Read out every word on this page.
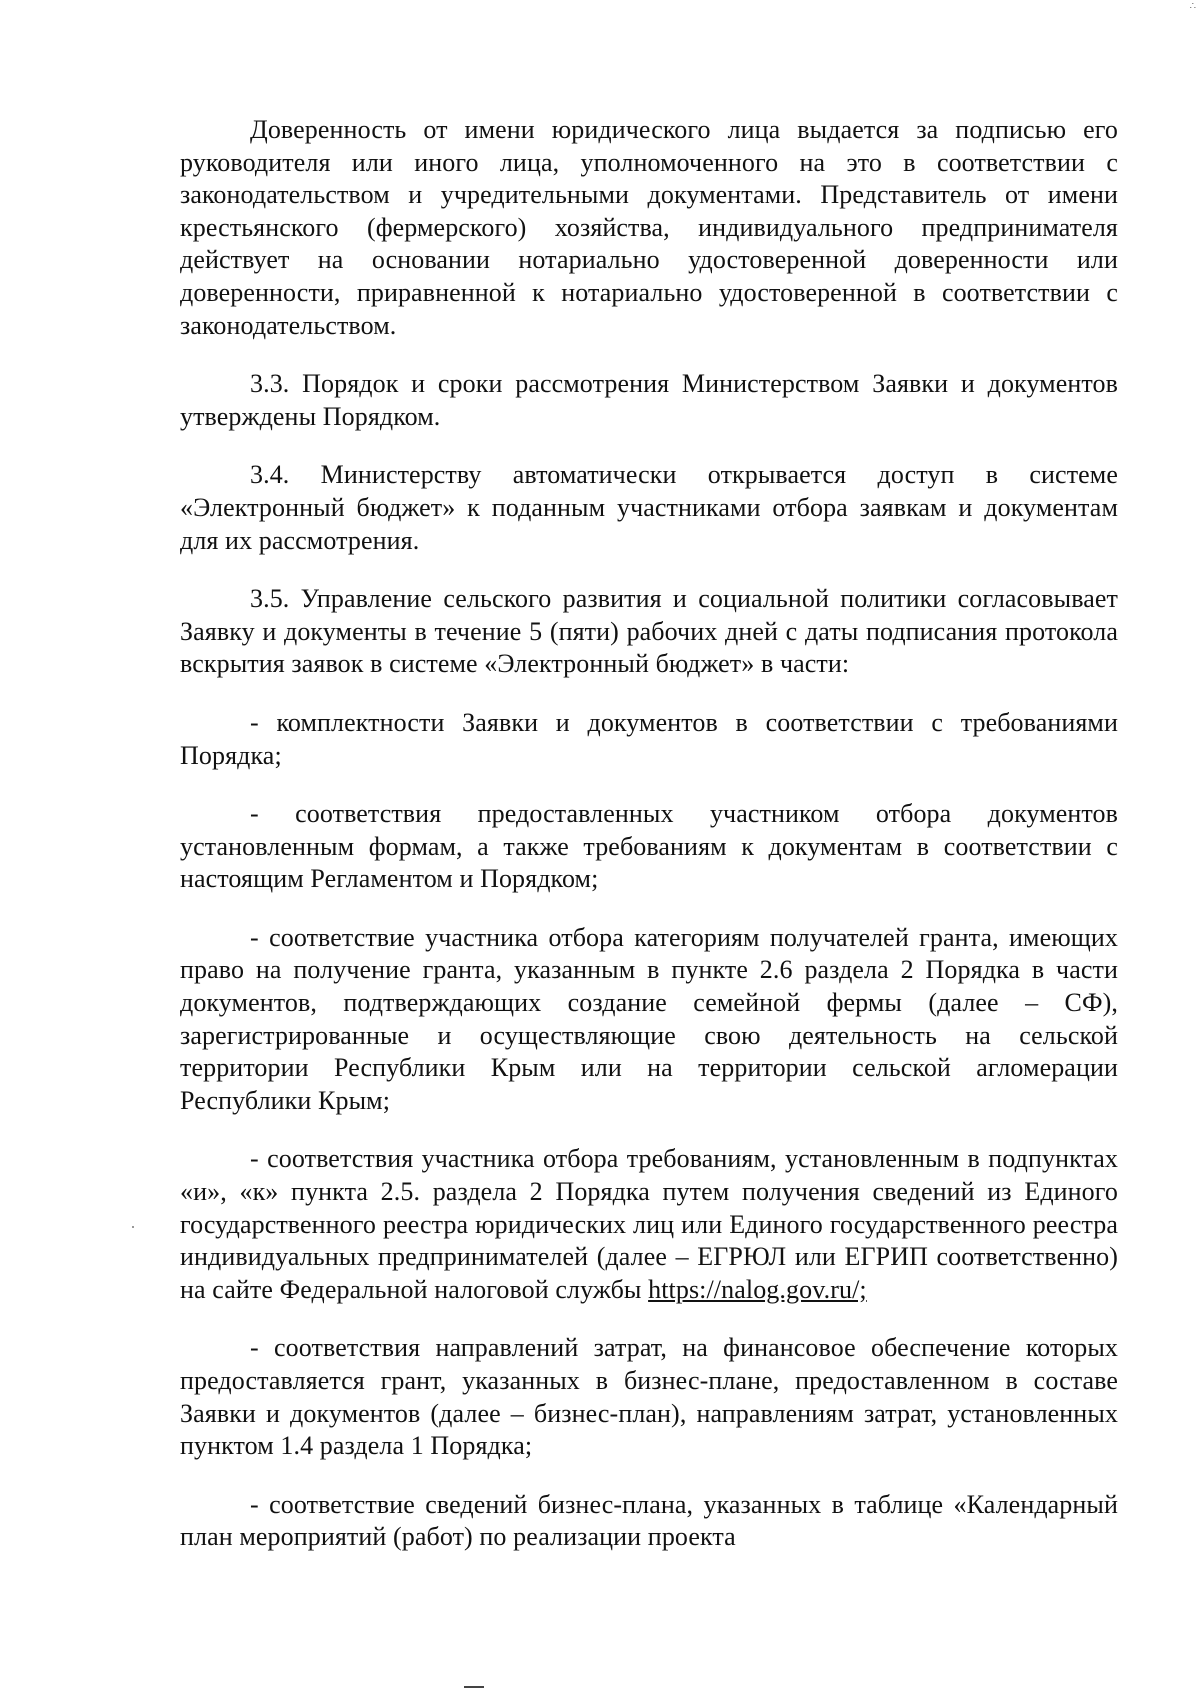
∴

Доверенность от имени юридического лица выдается за подписью его руководителя или иного лица, уполномоченного на это в соответствии с законодательством и учредительными документами. Представитель от имени крестьянского (фермерского) хозяйства, индивидуального предпринимателя действует на основании нотариально удостоверенной доверенности или доверенности, приравненной к нотариально удостоверенной в соответствии с законодательством.

3.3. Порядок и сроки рассмотрения Министерством Заявки и документов утверждены Порядком.

3.4. Министерству автоматически открывается доступ в системе «Электронный бюджет» к поданным участниками отбора заявкам и документам для их рассмотрения.

3.5. Управление сельского развития и социальной политики согласовывает Заявку и документы в течение 5 (пяти) рабочих дней с даты подписания протокола вскрытия заявок в системе «Электронный бюджет» в части:

- комплектности Заявки и документов в соответствии с требованиями Порядка;

- соответствия предоставленных участником отбора документов установленным формам, а также требованиям к документам в соответствии с настоящим Регламентом и Порядком;

- соответствие участника отбора категориям получателей гранта, имеющих право на получение гранта, указанным в пункте 2.6 раздела 2 Порядка в части документов, подтверждающих создание семейной фермы (далее – СФ), зарегистрированные и осуществляющие свою деятельность на сельской территории Республики Крым или на территории сельской агломерации Республики Крым;

- соответствия участника отбора требованиям, установленным в подпунктах «и», «к» пункта 2.5. раздела 2 Порядка путем получения сведений из Единого государственного реестра юридических лиц или Единого государственного реестра индивидуальных предпринимателей (далее – ЕГРЮЛ или ЕГРИП соответственно) на сайте Федеральной налоговой службы https://nalog.gov.ru/;

- соответствия направлений затрат, на финансовое обеспечение которых предоставляется грант, указанных в бизнес-плане, предоставленном в составе Заявки и документов (далее – бизнес-план), направлениям затрат, установленных пунктом 1.4 раздела 1 Порядка;

- соответствие сведений бизнес-плана, указанных в таблице «Календарный план мероприятий (работ) по реализации проекта
